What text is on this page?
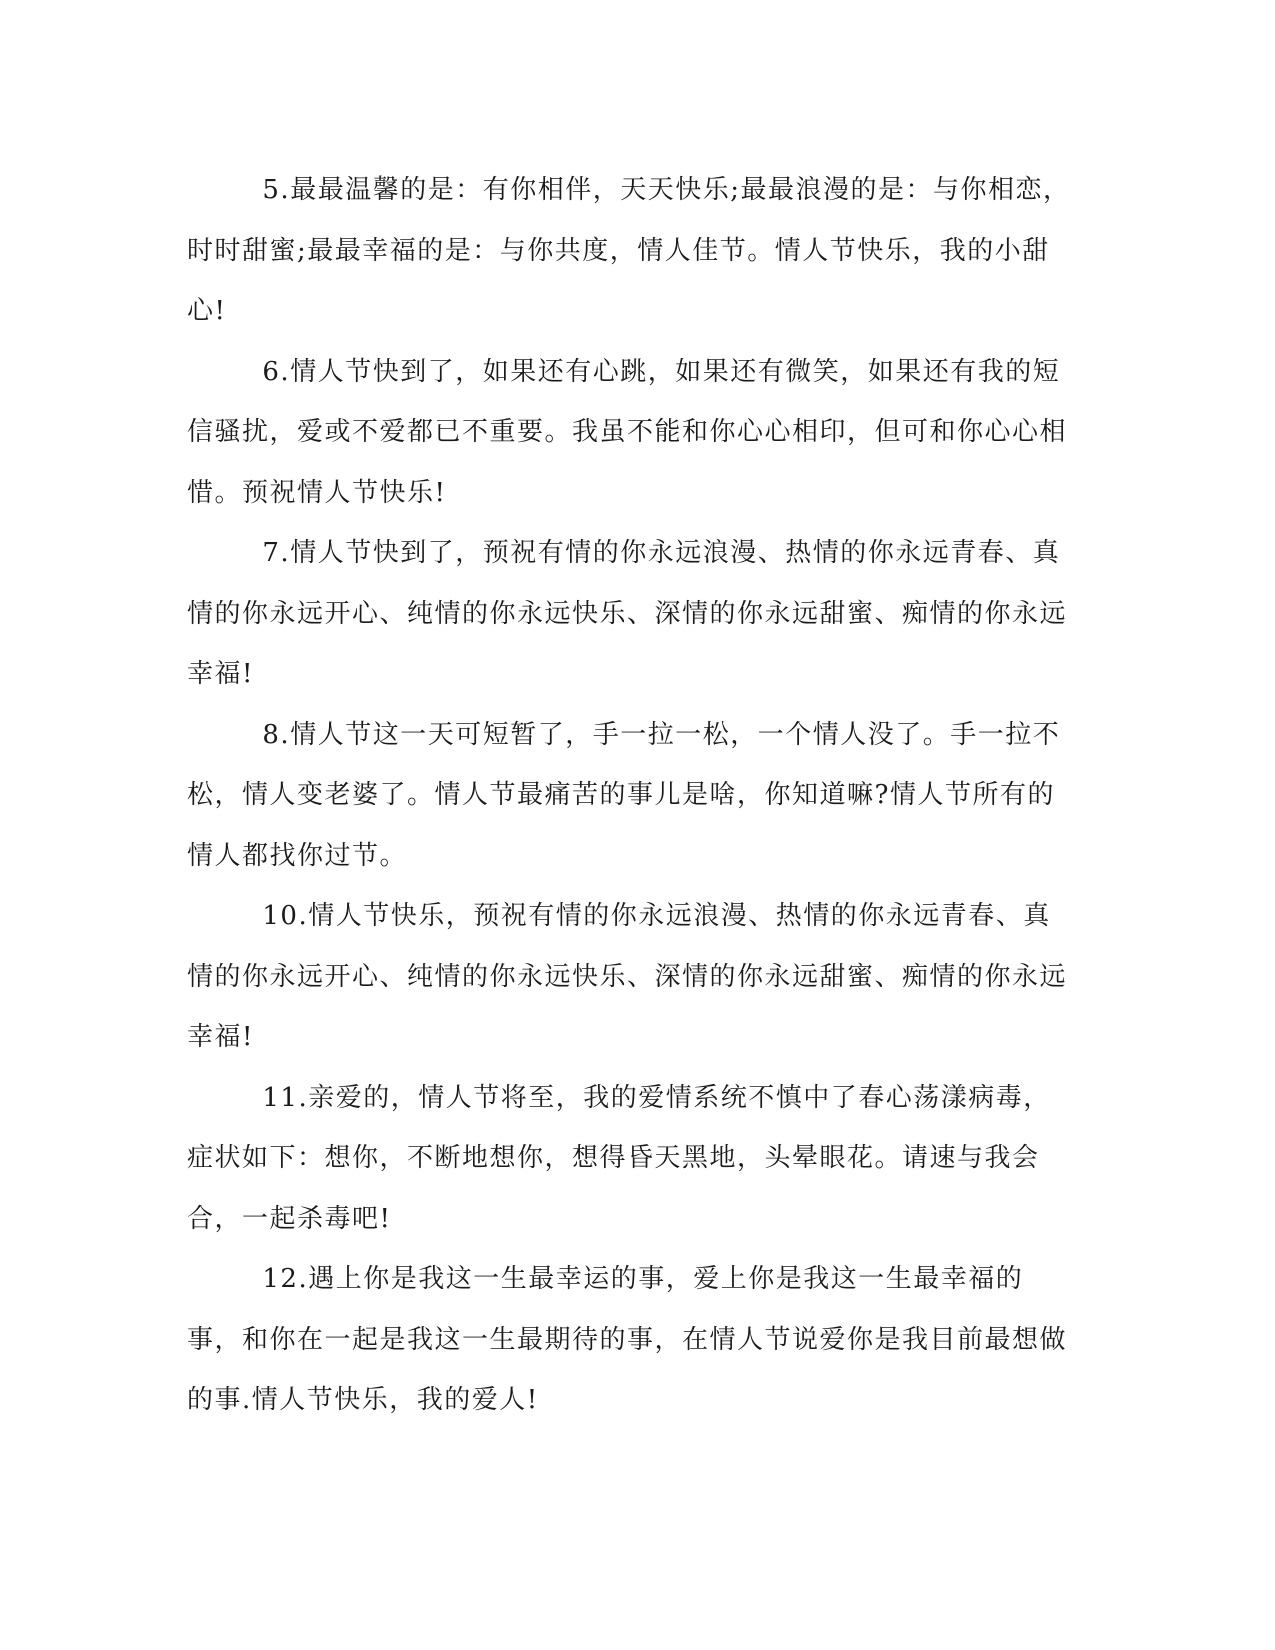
5.最最温馨的是：有你相伴，天天快乐;最最浪漫的是：与你相恋，时时甜蜜;最最幸福的是：与你共度，情人佳节。情人节快乐，我的小甜心!

6.情人节快到了，如果还有心跳，如果还有微笑，如果还有我的短信骚扰，爱或不爱都已不重要。我虽不能和你心心相印，但可和你心心相惜。预祝情人节快乐!

7.情人节快到了，预祝有情的你永远浪漫、热情的你永远青春、真情的你永远开心、纯情的你永远快乐、深情的你永远甜蜜、痴情的你永远幸福!

8.情人节这一天可短暂了，手一拉一松，一个情人没了。手一拉不松，情人变老婆了。情人节最痛苦的事儿是啥，你知道嘛?情人节所有的情人都找你过节。

10.情人节快乐，预祝有情的你永远浪漫、热情的你永远青春、真情的你永远开心、纯情的你永远快乐、深情的你永远甜蜜、痴情的你永远幸福!

11.亲爱的，情人节将至，我的爱情系统不慎中了春心荡漾病毒，症状如下：想你，不断地想你，想得昏天黑地，头晕眼花。请速与我会合，一起杀毒吧!

12.遇上你是我这一生最幸运的事，爱上你是我这一生最幸福的事，和你在一起是我这一生最期待的事，在情人节说爱你是我目前最想做的事.情人节快乐，我的爱人!
